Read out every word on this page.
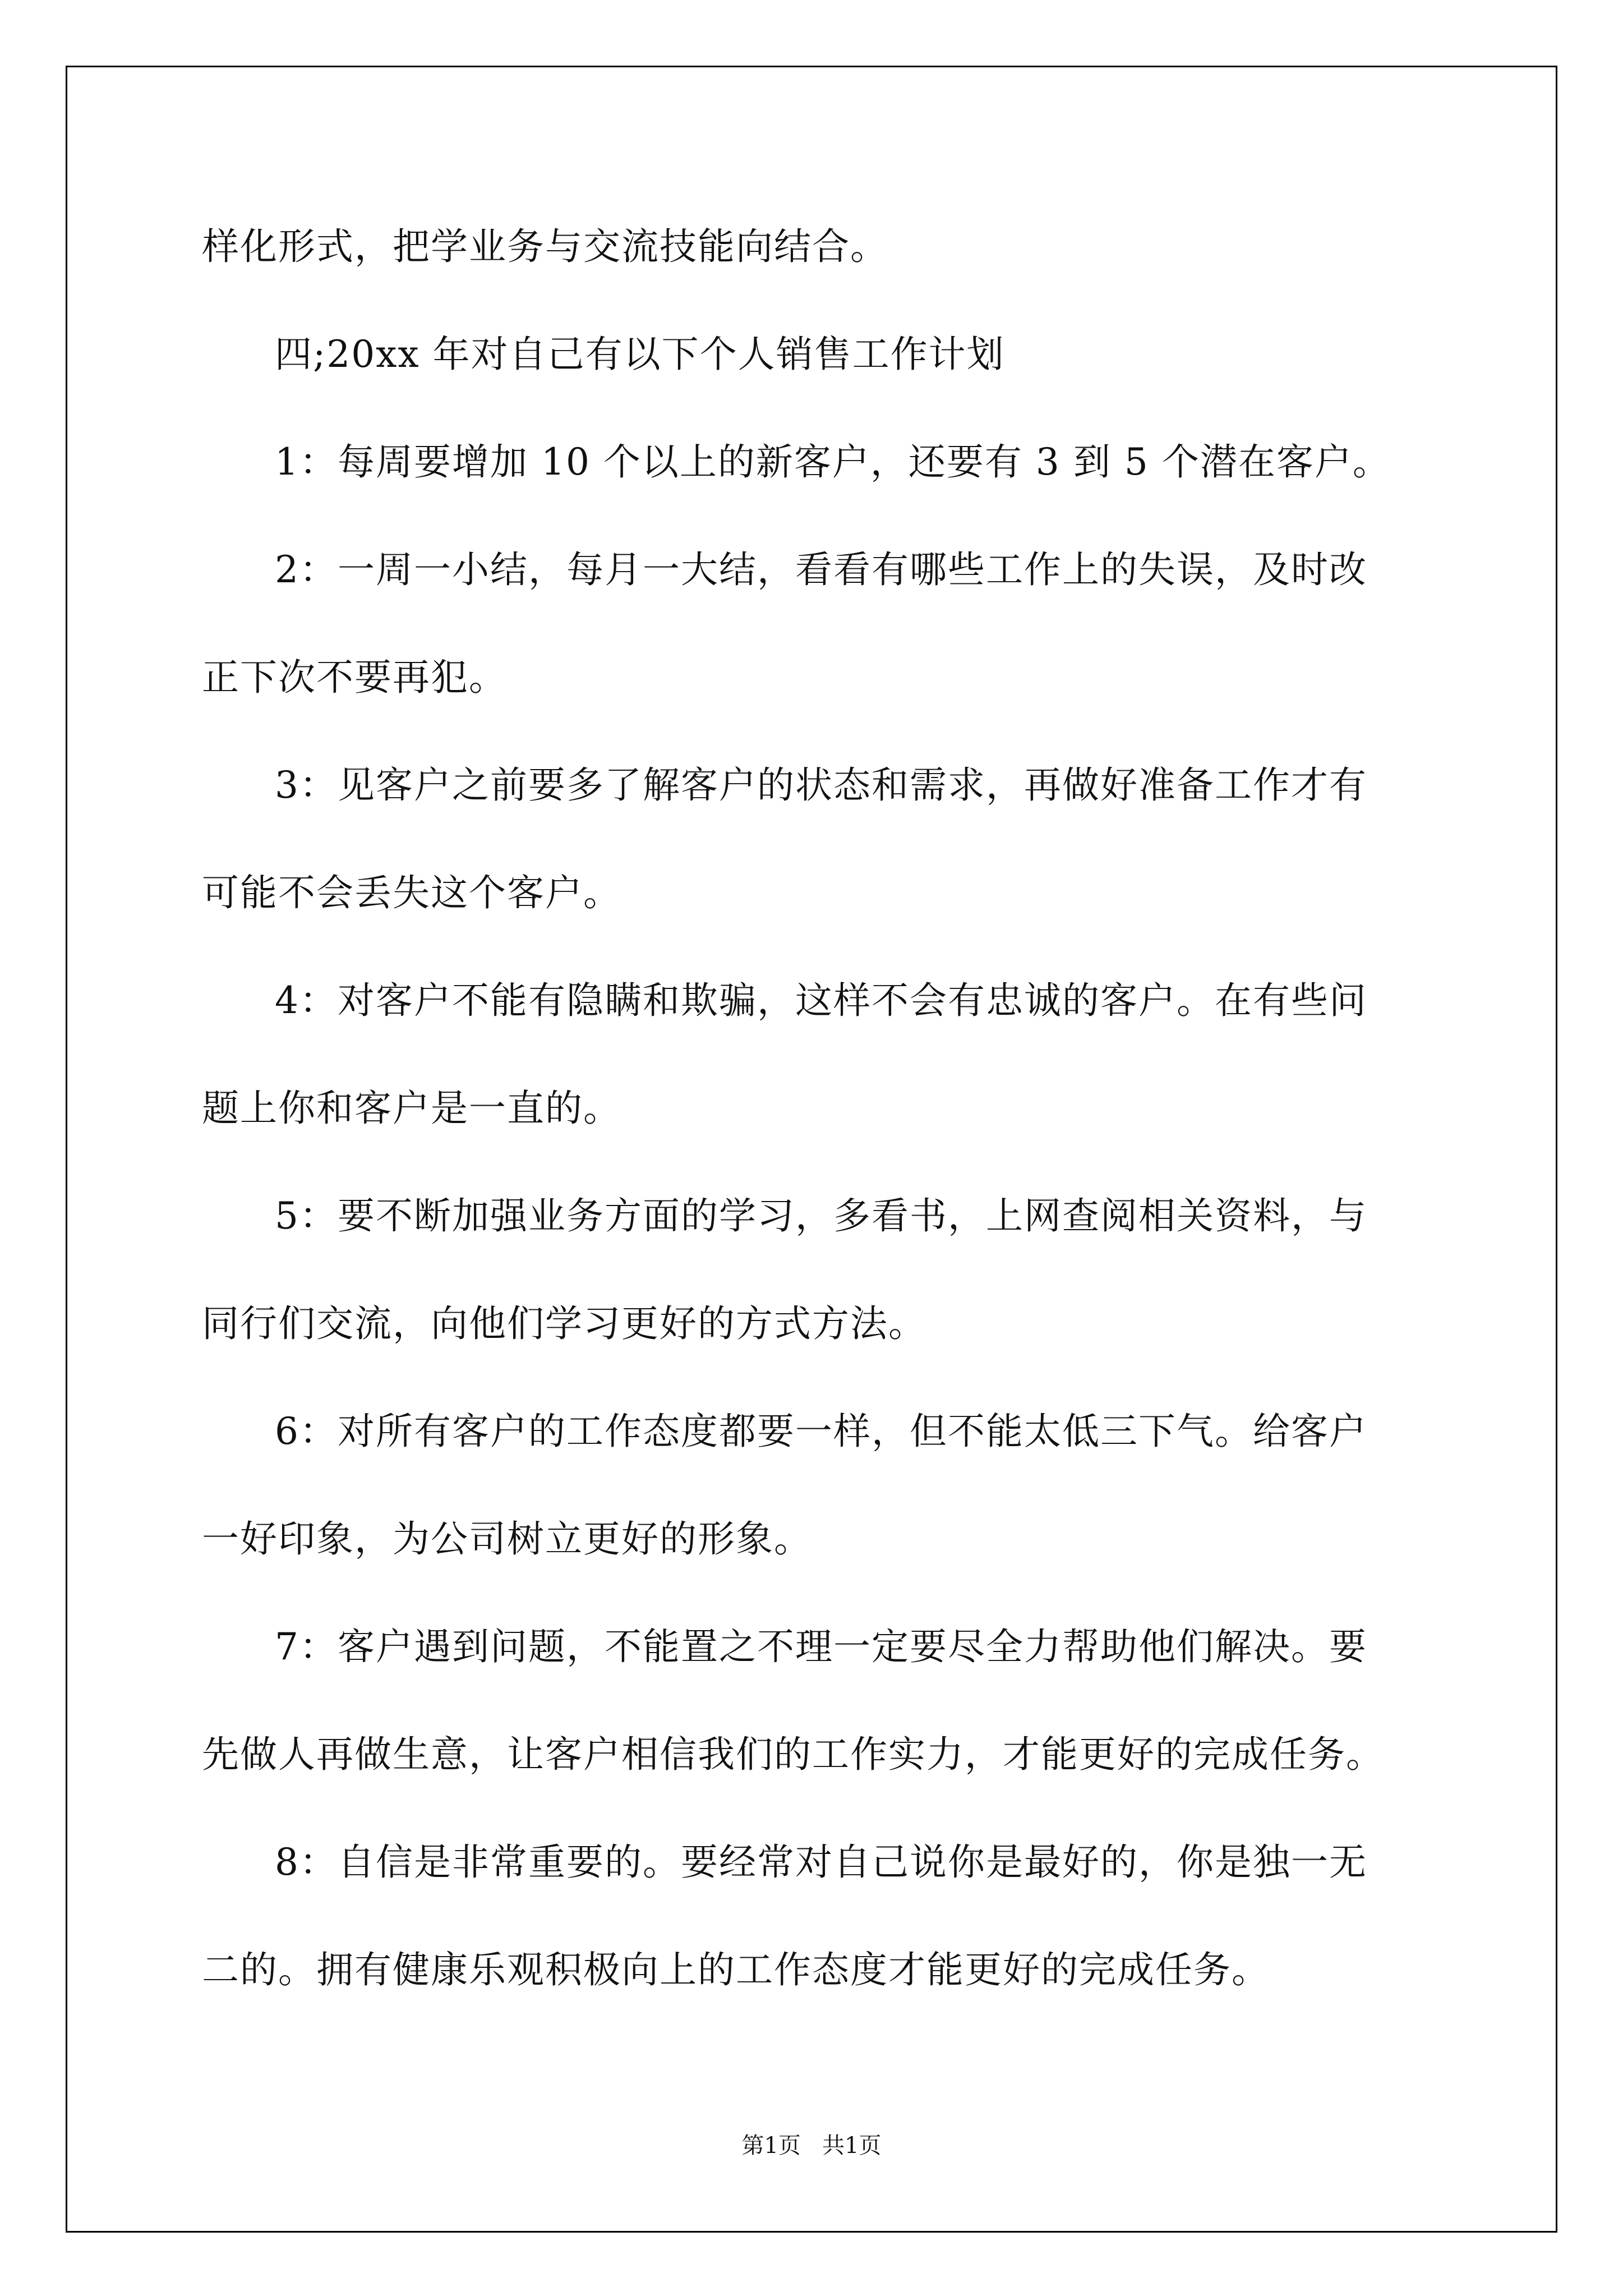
样化形式，把学业务与交流技能向结合。
四;20xx 年对自己有以下个人销售工作计划
1：每周要增加 10 个以上的新客户，还要有 3 到 5 个潜在客户。
2：一周一小结，每月一大结，看看有哪些工作上的失误，及时改
正下次不要再犯。
3：见客户之前要多了解客户的状态和需求，再做好准备工作才有
可能不会丢失这个客户。
4：对客户不能有隐瞒和欺骗，这样不会有忠诚的客户。在有些问
题上你和客户是一直的。
5：要不断加强业务方面的学习，多看书，上网查阅相关资料，与
同行们交流，向他们学习更好的方式方法。
6：对所有客户的工作态度都要一样，但不能太低三下气。给客户
一好印象，为公司树立更好的形象。
7：客户遇到问题，不能置之不理一定要尽全力帮助他们解决。要
先做人再做生意，让客户相信我们的工作实力，才能更好的完成任务。
8：自信是非常重要的。要经常对自己说你是最好的，你是独一无
二的。拥有健康乐观积极向上的工作态度才能更好的完成任务。
第1页   共1页
